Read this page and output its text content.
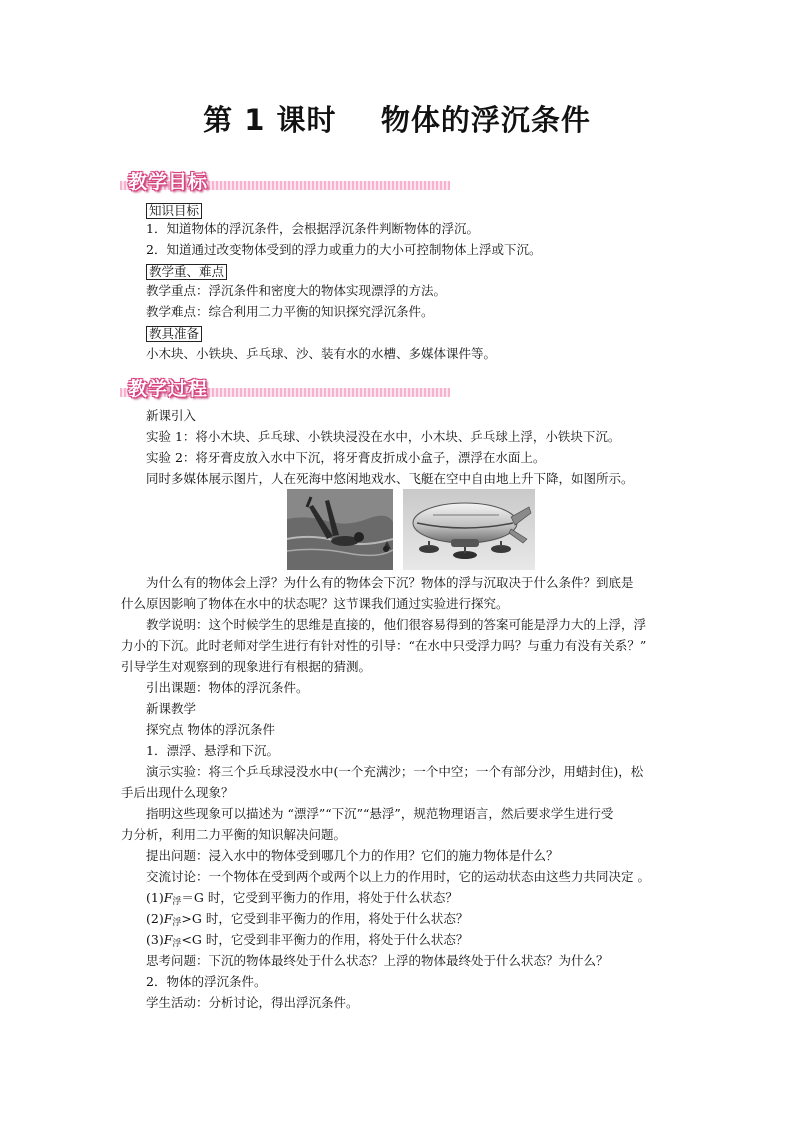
第 1 课时    物体的浮沉条件
教学目标
知识目标
1．知道物体的浮沉条件，会根据浮沉条件判断物体的浮沉。
2．知道通过改变物体受到的浮力或重力的大小可控制物体上浮或下沉。
教学重、难点
教学重点：浮沉条件和密度大的物体实现漂浮的方法。
教学难点：综合利用二力平衡的知识探究浮沉条件。
教具准备
小木块、小铁块、乒乓球、沙、装有水的水槽、多媒体课件等。
教学过程
新课引入
实验 1：将小木块、乒乓球、小铁块浸没在水中，小木块、乒乓球上浮，小铁块下沉。
实验 2：将牙膏皮放入水中下沉，将牙膏皮折成小盒子，漂浮在水面上。
同时多媒体展示图片，人在死海中悠闲地戏水、飞艇在空中自由地上升下降，如图所示。
为什么有的物体会上浮？为什么有的物体会下沉？物体的浮与沉取决于什么条件？到底是
什么原因影响了物体在水中的状态呢？这节课我们通过实验进行探究。
教学说明：这个时候学生的思维是直接的，他们很容易得到的答案可能是浮力大的上浮，浮
力小的下沉。此时老师对学生进行有针对性的引导：“在水中只受浮力吗？与重力有没有关系？”
引导学生对观察到的现象进行有根据的猜测。
引出课题：物体的浮沉条件。
新课教学
探究点 物体的浮沉条件
1．漂浮、悬浮和下沉。
演示实验：将三个乒乓球浸没水中(一个充满沙；一个中空；一个有部分沙，用蜡封住)，松
手后出现什么现象？
指明这些现象可以描述为 “漂浮”“下沉”“悬浮”，规范物理语言，然后要求学生进行受
力分析，利用二力平衡的知识解决问题。
提出问题：浸入水中的物体受到哪几个力的作用？它们的施力物体是什么？
交流讨论：一个物体在受到两个或两个以上力的作用时，它的运动状态由这些力共同决定 。
$(1)F_浮=G$ 时，它受到平衡力的作用，将处于什么状态？
$(2)F_浮>G$ 时，它受到非平衡力的作用，将处于什么状态？
$(3)F_浮<G$ 时，它受到非平衡力的作用，将处于什么状态？
思考问题：下沉的物体最终处于什么状态？上浮的物体最终处于什么状态？为什么？
2．物体的浮沉条件。
学生活动：分析讨论，得出浮沉条件。
